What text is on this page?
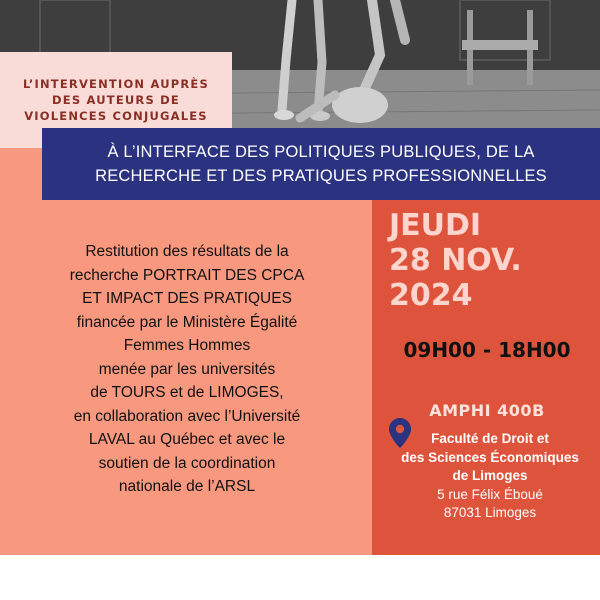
L’INTERVENTION AUPRÈS
DES AUTEURS DE
VIOLENCES CONJUGALES
À L’INTERFACE DES POLITIQUES PUBLIQUES, DE LA
RECHERCHE ET DES PRATIQUES PROFESSIONNELLES
Restitution des résultats de la
recherche PORTRAIT DES CPCA
ET IMPACT DES PRATIQUES
financée par le Ministère Égalité
Femmes Hommes
menée par les universités
de TOURS et de LIMOGES,
en collaboration avec l’Université
LAVAL au Québec et avec le
soutien de la coordination
nationale de l’ARSL
JEUDI
28 NOV.
2024
09H00 - 18H00
AMPHI 400B
Faculté de Droit et
des Sciences Économiques
de Limoges
5 rue Félix Éboué
87031 Limoges
